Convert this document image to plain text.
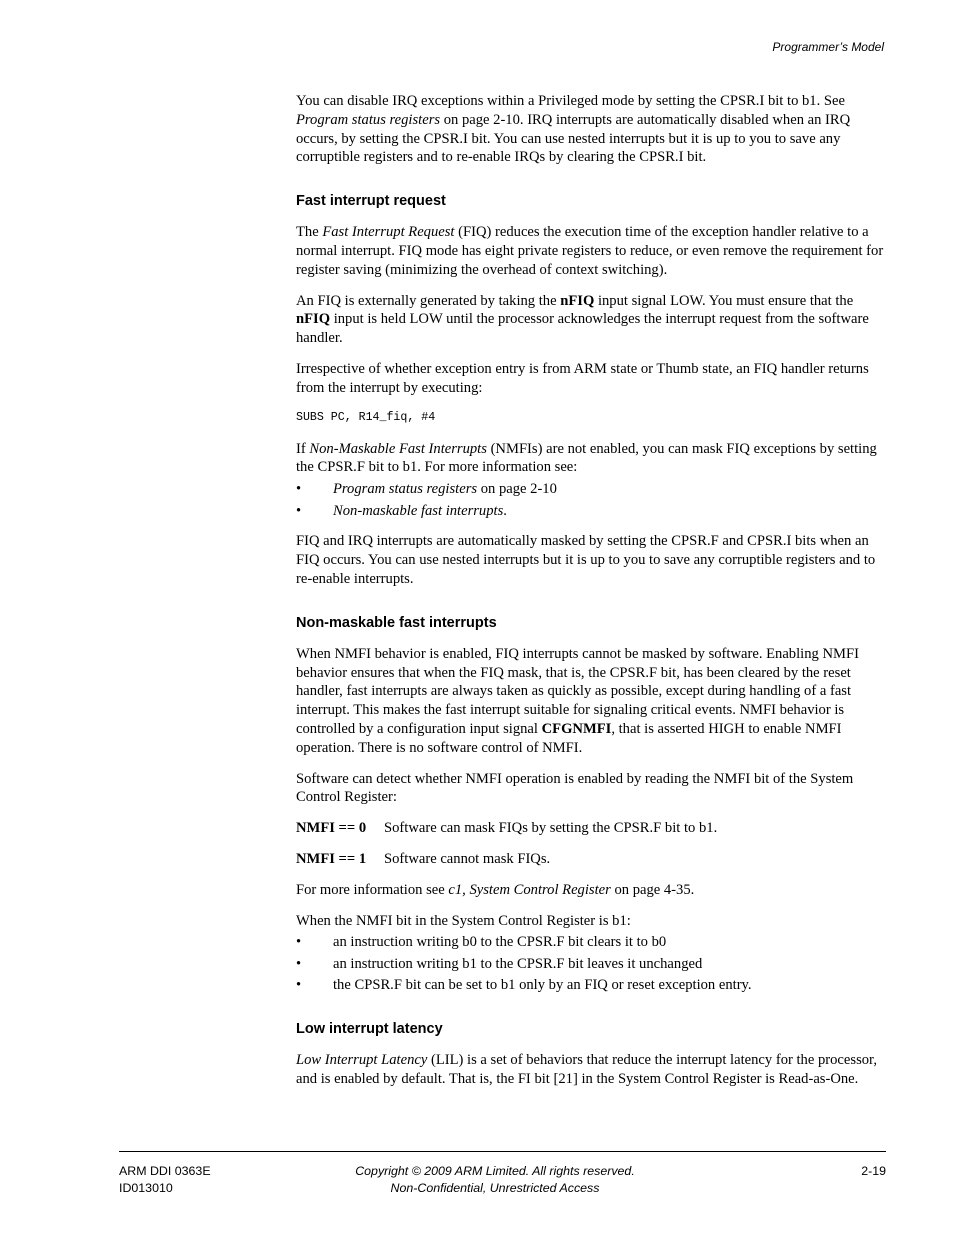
Programmer’s Model

You can disable IRQ exceptions within a Privileged mode by setting the CPSR.I bit to b1. See Program status registers on page 2-10. IRQ interrupts are automatically disabled when an IRQ occurs, by setting the CPSR.I bit. You can use nested interrupts but it is up to you to save any corruptible registers and to re-enable IRQs by clearing the CPSR.I bit.

Fast interrupt request

The Fast Interrupt Request (FIQ) reduces the execution time of the exception handler relative to a normal interrupt. FIQ mode has eight private registers to reduce, or even remove the requirement for register saving (minimizing the overhead of context switching).

An FIQ is externally generated by taking the nFIQ input signal LOW. You must ensure that the nFIQ input is held LOW until the processor acknowledges the interrupt request from the software handler.

Irrespective of whether exception entry is from ARM state or Thumb state, an FIQ handler returns from the interrupt by executing:

SUBS PC, R14_fiq, #4

If Non-Maskable Fast Interrupts (NMFIs) are not enabled, you can mask FIQ exceptions by setting the CPSR.F bit to b1. For more information see:

• Program status registers on page 2-10
• Non-maskable fast interrupts.

FIQ and IRQ interrupts are automatically masked by setting the CPSR.F and CPSR.I bits when an FIQ occurs. You can use nested interrupts but it is up to you to save any corruptible registers and to re-enable interrupts.

Non-maskable fast interrupts

When NMFI behavior is enabled, FIQ interrupts cannot be masked by software. Enabling NMFI behavior ensures that when the FIQ mask, that is, the CPSR.F bit, has been cleared by the reset handler, fast interrupts are always taken as quickly as possible, except during handling of a fast interrupt. This makes the fast interrupt suitable for signaling critical events. NMFI behavior is controlled by a configuration input signal CFGNMFI, that is asserted HIGH to enable NMFI operation. There is no software control of NMFI.

Software can detect whether NMFI operation is enabled by reading the NMFI bit of the System Control Register:

NMFI == 0 Software can mask FIQs by setting the CPSR.F bit to b1.
NMFI == 1 Software cannot mask FIQs.

For more information see c1, System Control Register on page 4-35.

When the NMFI bit in the System Control Register is b1:

• an instruction writing b0 to the CPSR.F bit clears it to b0
• an instruction writing b1 to the CPSR.F bit leaves it unchanged
• the CPSR.F bit can be set to b1 only by an FIQ or reset exception entry.
Low interrupt latency

Low Interrupt Latency (LIL) is a set of behaviors that reduce the interrupt latency for the processor, and is enabled by default. That is, the FI bit [21] in the System Control Register is Read-as-One.

ARM DDI 0363E
ID013010
Copyright © 2009 ARM Limited. All rights reserved.
Non-Confidential, Unrestricted Access
2-19
